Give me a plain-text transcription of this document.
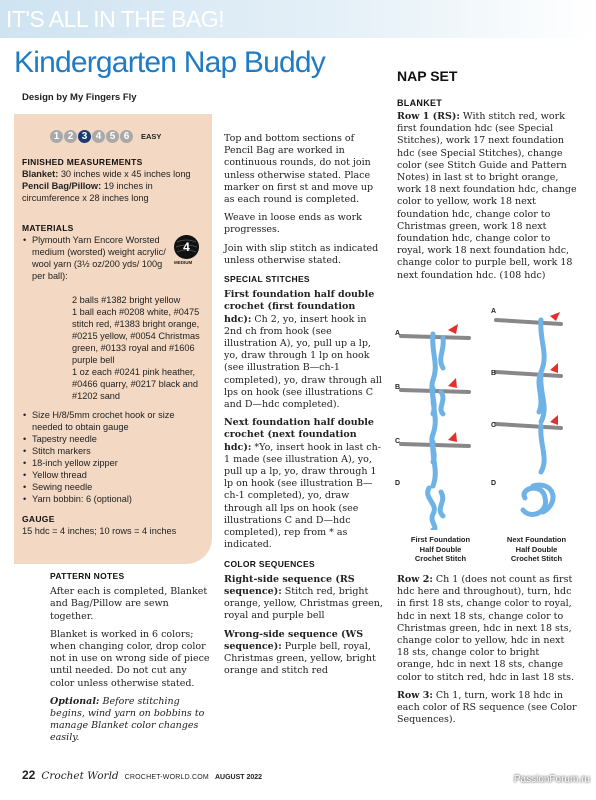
IT'S ALL IN THE BAG!
Kindergarten Nap Buddy
Design by My Fingers Fly
1 2 3 4 5 6	EASY
FINISHED MEASUREMENTS
Blanket: 30 inches wide x 45 inches long
Pencil Bag/Pillow: 19 inches in circumference x 28 inches long
MATERIALS
• Plymouth Yarn Encore Worsted medium (worsted) weight acrylic/ wool yarn (3½ oz/200 yds/ 100g per ball):
2 balls #1382 bright yellow
1 ball each #0208 white, #0475 stitch red, #1383 bright orange, #0215 yellow, #0054 Christmas green, #0133 royal and #1606 purple bell
1 oz each #0241 pink heather, #0466 quarry, #0217 black and #1202 sand
4
MEDIUM
• Size H/8/5mm crochet hook or size needed to obtain gauge
• Tapestry needle
• Stitch markers
• 18-inch yellow zipper
• Yellow thread
• Sewing needle
• Yarn bobbin: 6 (optional)
GAUGE
15 hdc = 4 inches; 10 rows = 4 inches
PATTERN NOTES

After each is completed, Blanket and Bag/Pillow are sewn together.

Blanket is worked in 6 colors; when changing color, drop color not in use on wrong side of piece until needed. Do not cut any color unless otherwise stated.

Optional: Before stitching begins, wind yarn on bobbins to manage Blanket color changes easily.

Top and bottom sections of Pencil Bag are worked in continuous rounds, do not join unless otherwise stated. Place marker on first st and move up as each round is completed.

Weave in loose ends as work progresses.

Join with slip stitch as indicated unless otherwise stated.

SPECIAL STITCHES

First foundation half double crochet (first foundation hdc): Ch 2, yo, insert hook in 2nd ch from hook (see illustration A), yo, pull up a lp, yo, draw through 1 lp on hook (see illustration B—ch-1 completed), yo, draw through all lps on hook (see illustrations C and D—hdc completed).

Next foundation half double crochet (next foundation hdc): *Yo, insert hook in last ch-1 made (see illustration A), yo, pull up a lp, yo, draw through 1 lp on hook (see illustration B—ch-1 completed), yo, draw through all lps on hook (see illustrations C and D—hdc completed), rep from * as indicated.

COLOR SEQUENCES

Right-side sequence (RS sequence): Stitch red, bright orange, yellow, Christmas green, royal and purple bell

Wrong-side sequence (WS sequence): Purple bell, royal, Christmas green, yellow, bright orange and stitch red

NAP SET
BLANKET

Row 1 (RS): With stitch red, work first foundation hdc (see Special Stitches), work 17 next foundation hdc (see Special Stitches), change color (see Stitch Guide and Pattern Notes) in last st to bright orange, work 18 next foundation hdc, change color to yellow, work 18 next foundation hdc, change color to Christmas green, work 18 next foundation hdc, change color to royal, work 18 next foundation hdc, change color to purple bell, work 18 next foundation hdc. (108 hdc)

A
B
C
D
A
B
C
D
First Foundation
Half Double
Crochet Stitch
Next Foundation
Half Double
Crochet Stitch

Row 2: Ch 1 (does not count as first hdc here and throughout), turn, hdc in first 18 sts, change color to royal, hdc in next 18 sts, change color to Christmas green, hdc in next 18 sts, change color to yellow, hdc in next 18 sts, change color to bright orange, hdc in next 18 sts, change color to stitch red, hdc in last 18 sts.

Row 3: Ch 1, turn, work 18 hdc in each color of RS sequence (see Color Sequences).

22 Crochet World CROCHET-WORLD.COM AUGUST 2022	PassionForum.ru
